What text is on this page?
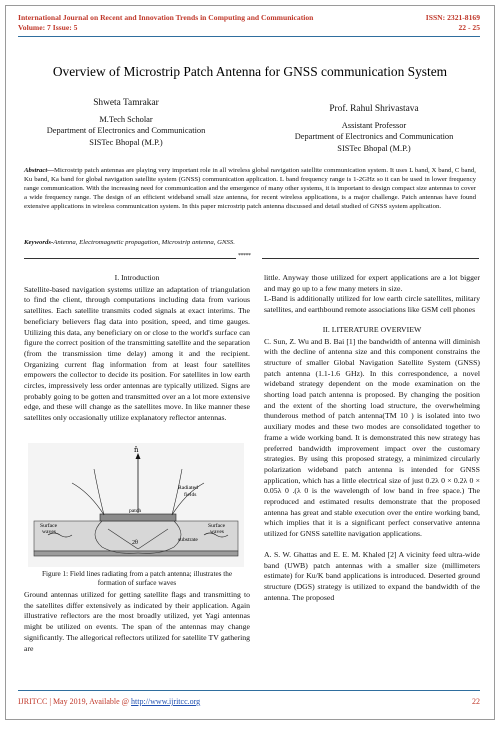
International Journal on Recent and Innovation Trends in Computing and Communication
Volume: 7 Issue: 5
ISSN: 2321-8169
22 - 25
Overview of Microstrip Patch Antenna for GNSS communication System
Shweta Tamrakar
M.Tech Scholar
Department of Electronics and Communication
SISTec Bhopal (M.P.)
Prof. Rahul Shrivastava
Assistant Professor
Department of Electronics and Communication
SISTec Bhopal (M.P.)
Abstract—Microstrip patch antennas are playing very important role in all wireless global navigation satellite communication system. It uses L band, X band, C band, Ku band, Ka band for global navigation satellite system (GNSS) communication application. L band frequency range is 1-2GHz so it can be used in lower frequency range communication. With the increasing need for communication and the emergence of many other systems, it is important to design compact size antennas to cover a wide frequency range. The design of an efficient wideband small size antenna, for recent wireless applications, is a major challenge. Patch antennas have found extensive applications in wireless communication system. In this paper microstrip patch antenna discussed and detail studied of GNSS system application.
Keywords-Antenna, Electromagnetic propagation, Microstrip antenna, GNSS.
*****
I. Introduction

Satellite-based navigation systems utilize an adaptation of triangulation to find the client, through computations including data from various satellites. Each satellite transmits coded signals at exact interims. The beneficiary believers flag data into position, speed, and time gauges. Utilizing this data, any beneficiary on or close to the world's surface can figure the correct position of the transmitting satellite and the separation (from the transmission time delay) among it and the recipient. Organizing current flag information from at least four satellites empowers the collector to decide its position. For satellites in low earth circles, impressively less order antennas are typically utilized. Signs are probably going to be gotten and transmitted over an a lot more extensive edge, and these will change as the satellites move. In like manner these satellites only occasionally utilize explanatory reflector antennas.

n̂
Radiated fields
patch
substrate
Surface waves
Surface waves
2θ
Figure 1: Field lines radiating from a patch antenna; illustrates the formation of surface waves

Ground antennas utilized for getting satellite flags and transmitting to the satellites differ extensively as indicated by their application. Again illustrative reflectors are the most broadly utilized, yet Yagi antennas might be utilized on events. The span of the antennas may change significantly. The allegorical reflectors utilized for satellite TV gathering are

little. Anyway those utilized for expert applications are a lot bigger and may go up to a few many meters in size.

L-Band is additionally utilized for low earth circle satellites, military satellites, and earthbound remote associations like GSM cell phones

II. LITERATURE OVERVIEW

C. Sun, Z. Wu and B. Bai [1] the bandwidth of antenna will diminish with the decline of antenna size and this component constrains the structure of smaller Global Navigation Satellite System (GNSS) patch antenna (1.1-1.6 GHz). In this correspondence, a novel wideband strategy dependent on the mode examination on the shorting load patch antenna is proposed. By changing the position and the extent of the shorting load structure, the overwhelming thunderous method of patch antenna(TM 10 ) is isolated into two auxiliary modes and these two modes are consolidated together to frame a wide working band. It is demonstrated this new strategy has preferred bandwidth improvement impact over the customary strategies. By using this proposed strategy, a minimized circularly polarization wideband patch antenna is intended for GNSS application, which has a little electrical size of just 0.2λ 0 × 0.2λ 0 × 0.05λ 0 .(λ 0 is the wavelength of low band in free space.) The reproduced and estimated results demonstrate that the proposed antenna has great and stable execution over the entire working band, which implies that it is a significant perfect conservative antenna utilized for GNSS satellite navigation applications.

A. S. W. Ghattas and E. E. M. Khaled [2] A vicinity feed ultra-wide band (UWB) patch antennas with a smaller size (millimeters estimate) for Ku/K band applications is introduced. Deserted ground structure (DGS) strategy is utilized to expand the bandwidth of the antenna. The proposed

IJRITCC | May 2019, Available @ http://www.ijritcc.org	22
